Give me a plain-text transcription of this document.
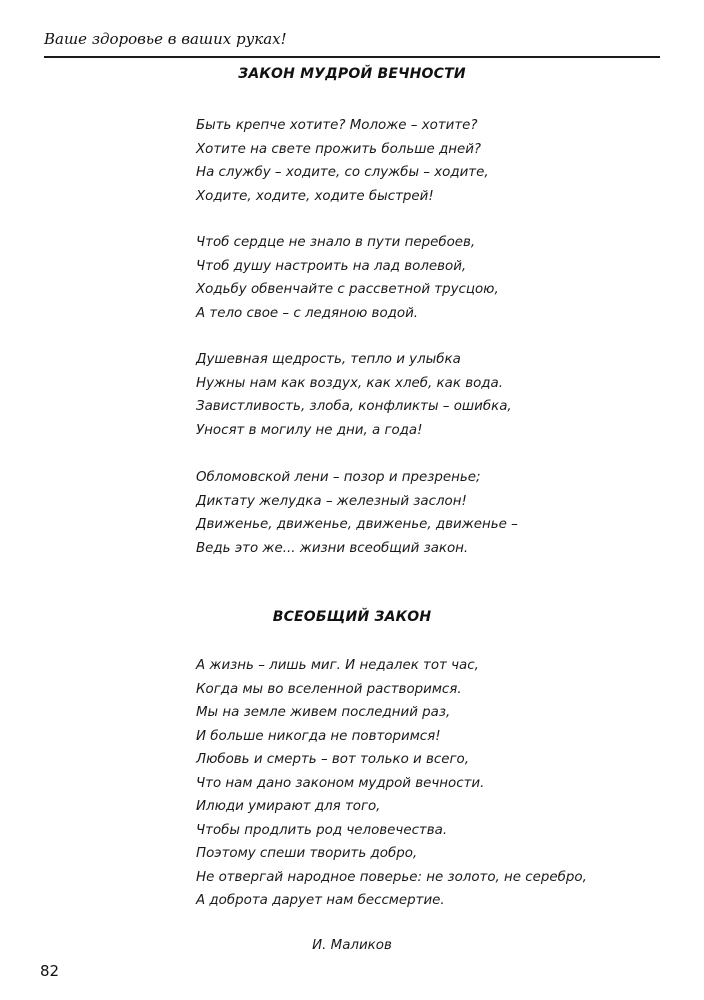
Ваше здоровье в ваших руках!
ЗАКОН МУДРОЙ ВЕЧНОСТИ
Быть крепче хотите? Моложе – хотите?
Хотите на свете прожить больше дней?
На службу – ходите, со службы – ходите,
Ходите, ходите, ходите быстрей!
Чтоб сердце не знало в пути перебоев,
Чтоб душу настроить на лад волевой,
Ходьбу обвенчайте с рассветной трусцою,
А тело свое – с ледяною водой.
Душевная щедрость, тепло и улыбка
Нужны нам как воздух, как хлеб, как вода.
Завистливость, злоба, конфликты – ошибка,
Уносят в могилу не дни, а года!
Обломовской лени – позор и презренье;
Диктату желудка – железный заслон!
Движенье, движенье, движенье, движенье –
Ведь это же... жизни всеобщий закон.
ВСЕОБЩИЙ ЗАКОН
А жизнь – лишь миг. И недалек тот час,
Когда мы во вселенной растворимся.
Мы на земле живем последний раз,
И больше никогда не повторимся!
Любовь и смерть – вот только и всего,
Что нам дано законом мудрой вечности.
Илюди умирают для того,
Чтобы продлить род человечества.
Поэтому спеши творить добро,
Не отвергай народное поверье: не золото, не серебро,
А доброта дарует нам бессмертие.
И. Маликов
82
